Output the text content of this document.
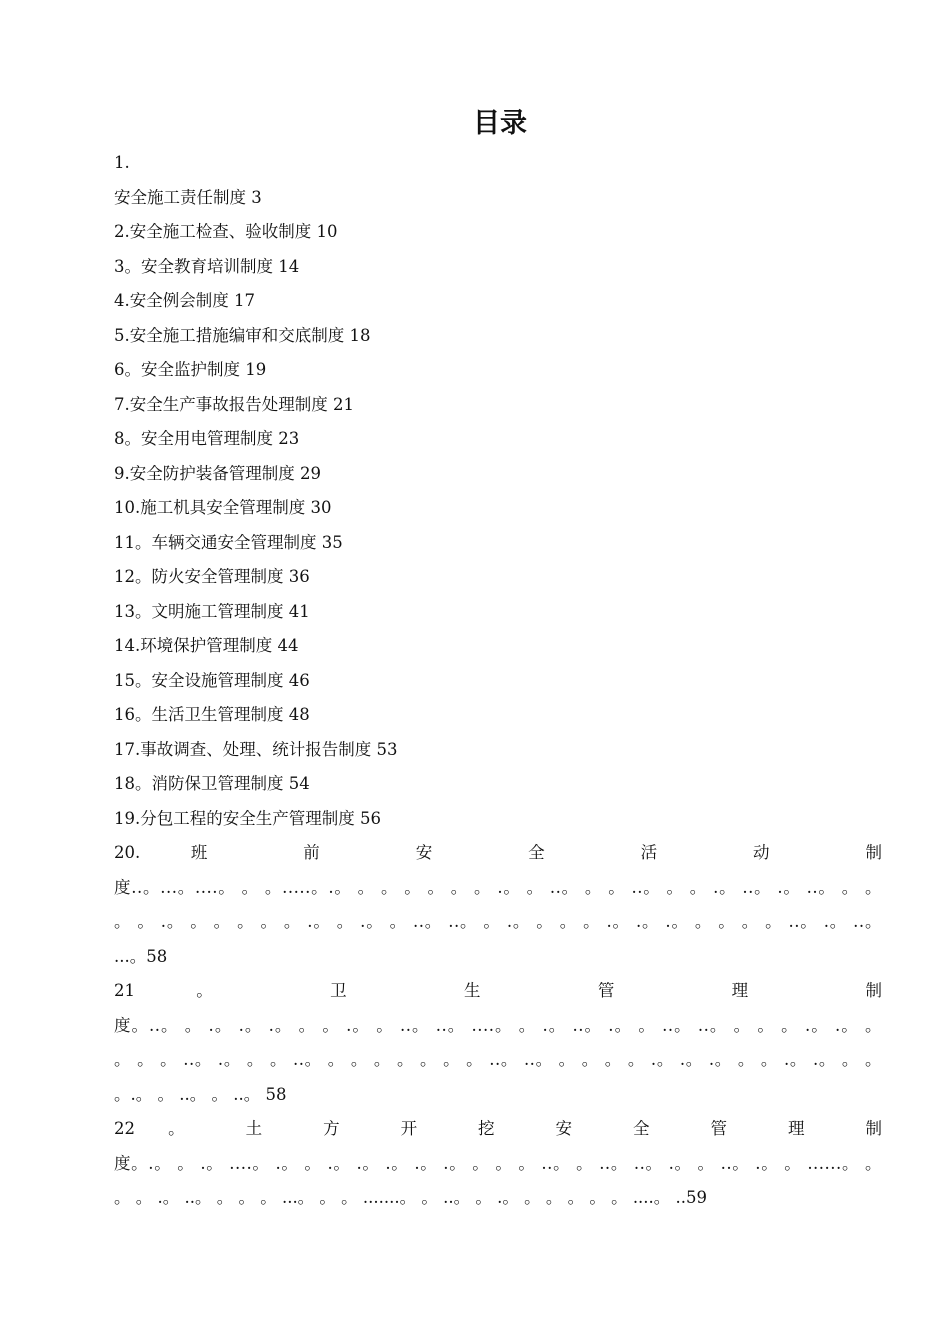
目录
1.
安全施工责任制度 3
2.安全施工检查、验收制度 10
3。安全教育培训制度 14
4.安全例会制度 17
5.安全施工措施编审和交底制度 18
6。安全监护制度 19
7.安全生产事故报告处理制度 21
8。安全用电管理制度 23
9.安全防护装备管理制度 29
10.施工机具安全管理制度 30
11。车辆交通安全管理制度 35
12。防火安全管理制度 36
13。文明施工管理制度 41
14.环境保护管理制度 44
15。安全设施管理制度 46
16。生活卫生管理制度 48
17.事故调查、处理、统计报告制度 53
18。消防保卫管理制度 54
19.分包工程的安全生产管理制度 56
20. 班 前 安 全 活 动 制
度..。...。....。 。 。.....。.。 。 。 。 。 。 。 .。 。 ..。 。 。 ..。 。 。 .。 ..。 .。 ..。 。 。
。 。 .。 。 。 。 。 。 .。 。 .。 。 ..。 ..。 。 .。 。 。 。 .。 .。 .。 。 。 。 。 ..。 .。 ..。
...。58
21 。 卫 生 管 理 制
度。..。 。 .。 .。 .。 。 。 .。 。 ..。 ..。 ....。 。 .。 ..。 .。 。 ..。 ..。 。 。 。 .。 .。 。
。 。 。 ..。 .。 。 。 ..。 。 。 。 。 。 。 。 ..。 ..。 。 。 。 。 .。 .。 .。 。 。 .。 .。 。 。
。.。 。 ..。 。 ..。 58
22 。 土 方 开 挖 安 全 管 理 制
度。.。 。 .。 ....。 .。 。 .。 .。 .。 .。 .。 。 。 。 ..。 。 ..。 ..。 .。 。 ..。 .。 。 ......。 。
。 。 .。 ..。 。 。 。 ...。 。 。 .......。 。 ..。 。 .。 。 。 。 。 。 ....。 ..59
